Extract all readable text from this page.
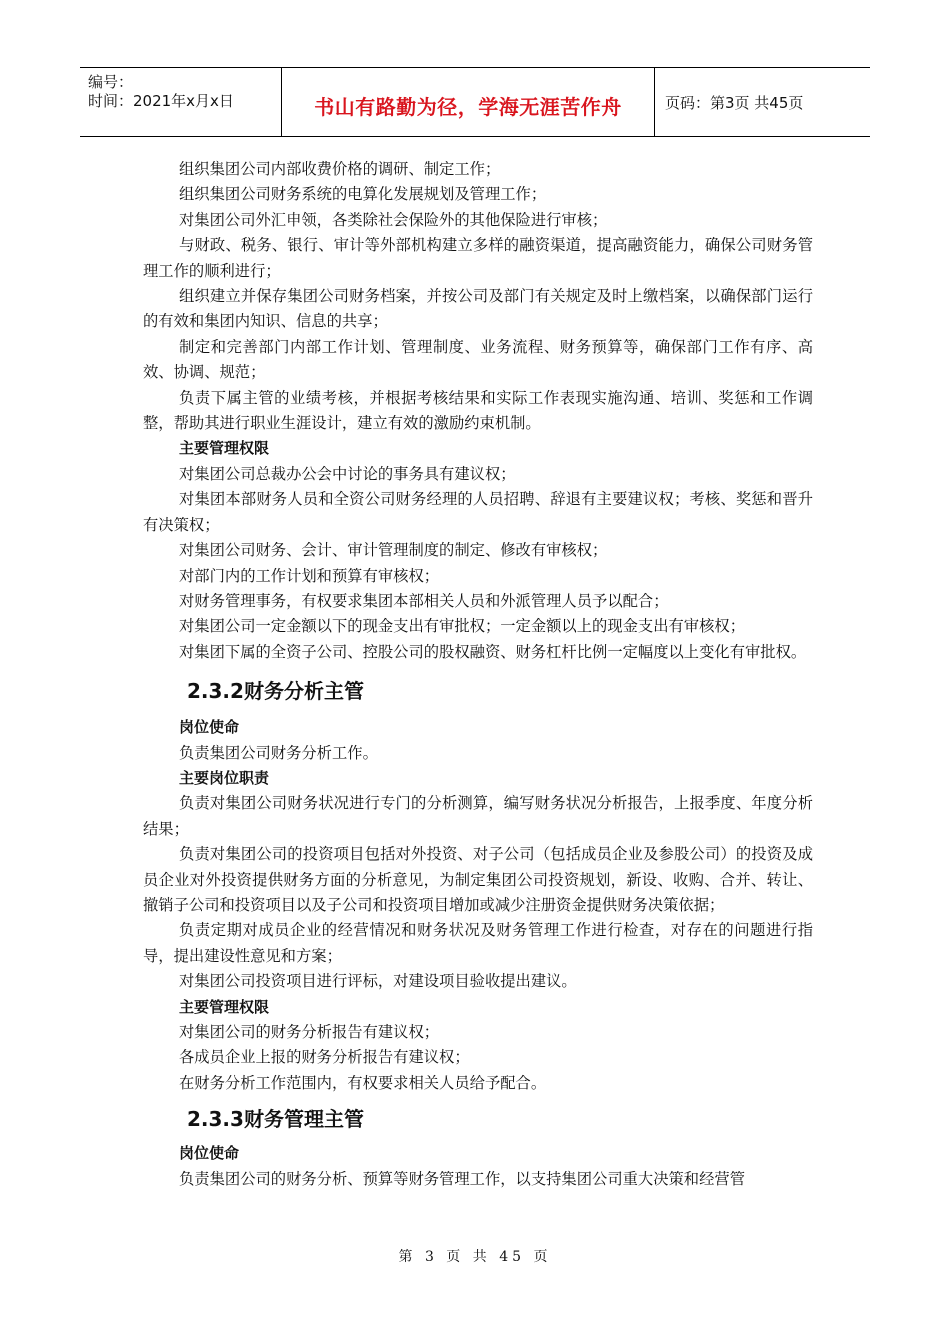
编号：
时间：2021年x月x日	书山有路勤为径，学海无涯苦作舟	页码：第3页 共45页

组织集团公司内部收费价格的调研、制定工作；

组织集团公司财务系统的电算化发展规划及管理工作；

对集团公司外汇申领，各类除社会保险外的其他保险进行审核；

与财政、税务、银行、审计等外部机构建立多样的融资渠道，提高融资能力，确保公司财务管理工作的顺利进行；

组织建立并保存集团公司财务档案，并按公司及部门有关规定及时上缴档案，以确保部门运行的有效和集团内知识、信息的共享；

制定和完善部门内部工作计划、管理制度、业务流程、财务预算等，确保部门工作有序、高效、协调、规范；

负责下属主管的业绩考核，并根据考核结果和实际工作表现实施沟通、培训、奖惩和工作调整，帮助其进行职业生涯设计，建立有效的激励约束机制。

主要管理权限

对集团公司总裁办公会中讨论的事务具有建议权；

对集团本部财务人员和全资公司财务经理的人员招聘、辞退有主要建议权；考核、奖惩和晋升有决策权；

对集团公司财务、会计、审计管理制度的制定、修改有审核权；

对部门内的工作计划和预算有审核权；

对财务管理事务，有权要求集团本部相关人员和外派管理人员予以配合；

对集团公司一定金额以下的现金支出有审批权；一定金额以上的现金支出有审核权；

对集团下属的全资子公司、控股公司的股权融资、财务杠杆比例一定幅度以上变化有审批权。

2.3.2财务分析主管

岗位使命

负责集团公司财务分析工作。

主要岗位职责

负责对集团公司财务状况进行专门的分析测算，编写财务状况分析报告，上报季度、年度分析结果；

负责对集团公司的投资项目包括对外投资、对子公司（包括成员企业及参股公司）的投资及成员企业对外投资提供财务方面的分析意见，为制定集团公司投资规划，新设、收购、合并、转让、撤销子公司和投资项目以及子公司和投资项目增加或减少注册资金提供财务决策依据；

负责定期对成员企业的经营情况和财务状况及财务管理工作进行检查，对存在的问题进行指导，提出建设性意见和方案；

对集团公司投资项目进行评标，对建设项目验收提出建议。

主要管理权限

对集团公司的财务分析报告有建议权；

各成员企业上报的财务分析报告有建议权；

在财务分析工作范围内，有权要求相关人员给予配合。

2.3.3财务管理主管

岗位使命

负责集团公司的财务分析、预算等财务管理工作，以支持集团公司重大决策和经营管

第 3 页 共 45 页
